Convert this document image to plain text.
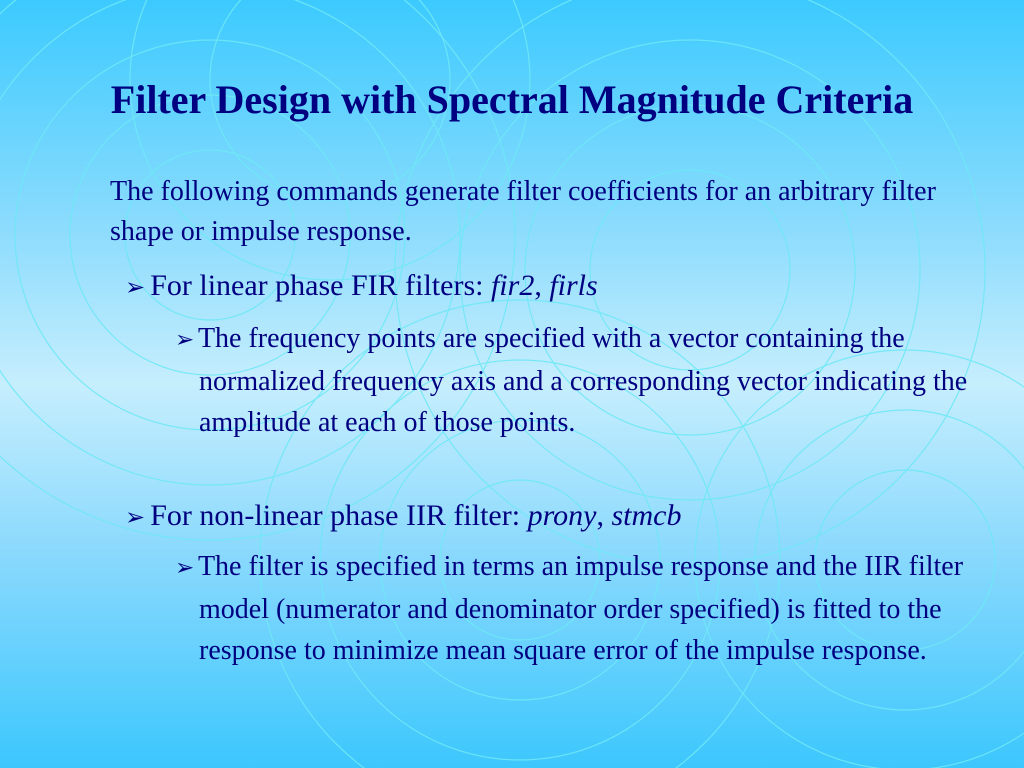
Filter Design with Spectral Magnitude Criteria
The following commands generate filter coefficients for an arbitrary filter shape or impulse response.
➢ For linear phase FIR filters: fir2, firls
➢ The frequency points are specified with a vector containing the normalized frequency axis and a corresponding vector indicating the amplitude at each of those points.
➢ For non-linear phase IIR filter: prony, stmcb
➢ The filter is specified in terms an impulse response and the IIR filter model (numerator and denominator order specified) is fitted to the response to minimize mean square error of the impulse response.
